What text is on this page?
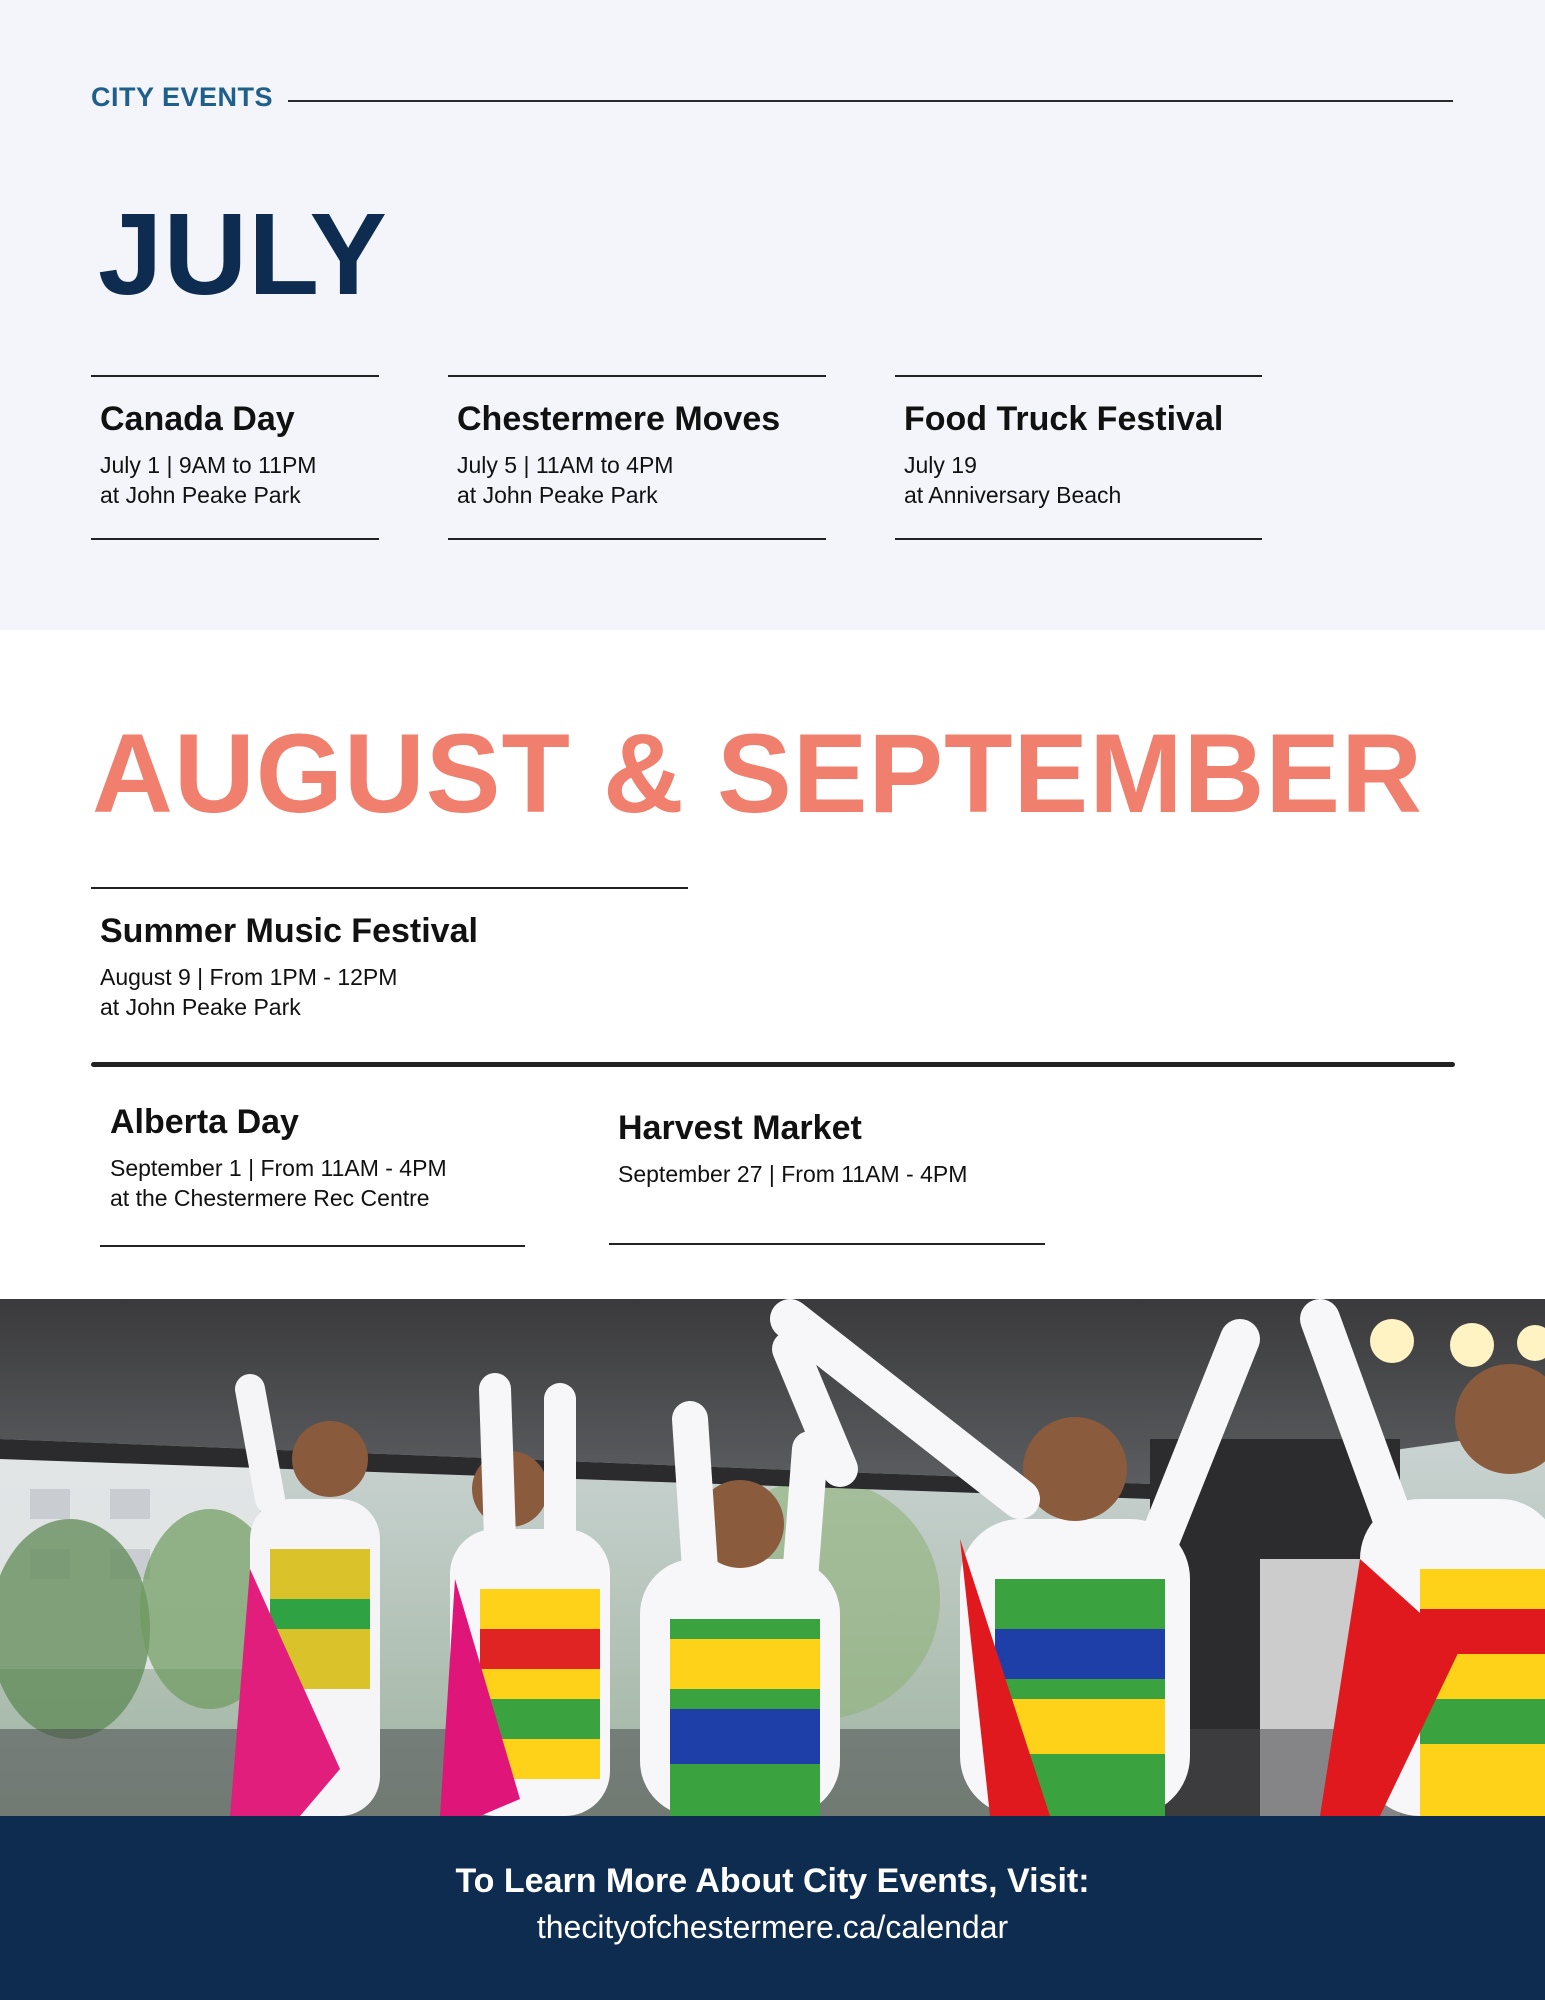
CITY EVENTS
JULY
Canada Day
July 1 | 9AM to 11PM
at John Peake Park
Chestermere Moves
July 5 | 11AM to 4PM
at John Peake Park
Food Truck Festival
July 19
at Anniversary Beach
AUGUST & SEPTEMBER
Summer Music Festival
August 9 | From 1PM - 12PM
at John Peake Park
Alberta Day
September 1 | From 11AM - 4PM
at the Chestermere Rec Centre
Harvest Market
September 27 | From 11AM - 4PM
To Learn More About City Events, Visit:
thecityofchestermere.ca/calendar
